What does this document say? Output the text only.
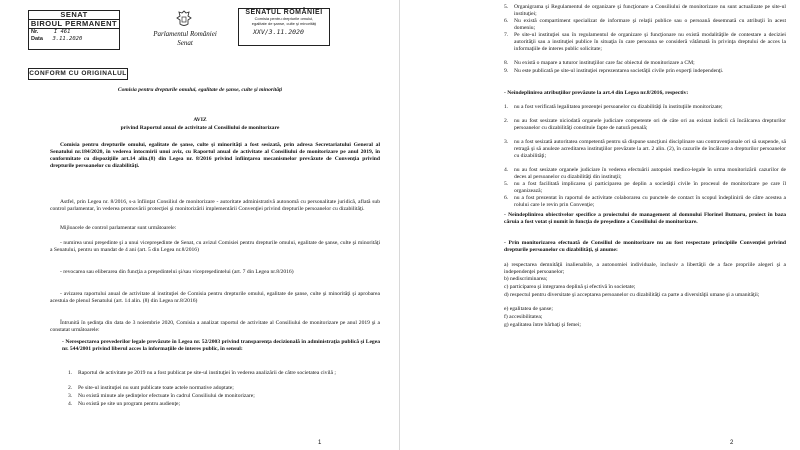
SENAT
BIROUL PERMANENT
Nr.	I 461
Data 3.11.2020
Parlamentul României
Senat
CONFORM CU ORIGINALUL
Comisia pentru drepturile omului, egalitate de şanse, culte şi minorităţi
AVIZ
privind Raportul anual de activitate al Consiliului de monitorizare
Comisia pentru drepturile omului, egalitate de şanse, culte şi minorităţi a fost sesizată, prin adresa Secretariatului General al Senatului nr.184/2020, în vederea întocmirii unui aviz, cu Raportul anual de activitate al Consiliului de monitorizare pe anul 2019, în conformitate cu dispoziţiile art.14 alin.(8) din Legea nr. 8/2016 privind înfiinţarea mecanismelor prevăzute de Convenţia privind drepturile persoanelor cu dizabilităţi.
Astfel, prin Legea nr. 8/2016, s-a înfiinţat Consiliul de monitorizare - autoritate administrativă autonomă cu personalitate juridică, aflată sub control parlamentar, în vederea promovării protecţiei şi monitorizării implementării Convenţiei privind drepturile persoanelor cu dizabilităţi.
Mijloacele de control parlamentar sunt următoarele:
- numirea unui preşedinte şi a unui vicepreşedinte de Senat, cu avizul Comisiei pentru drepturile omului, egalitate de şanse, culte şi minorităţi a Senatului, pentru un mandat de 4 ani (art. 5 din Legea nr.8/2016)
- revocarea sau eliberarea din funcţia a preşedintelui şi/sau vicepreşedintelui (art. 7 din Legea nr.8/2016)
- avizarea raportului anual de activitate al instituţiei de Comisia pentru drepturile omului, egalitate de şanse, culte şi minorităţi şi aprobarea acestuia de plenul Senatului (art. 14 alin. (8) din Legea nr.8/2016)
Întrunită în şedinţa din data de 3 noiembrie 2020, Comisia a analizat raportul de activitate al Consiliului de monitorizare pe anul 2019 şi a constatat următoarele:
- Nerespectarea prevederilor legale prevăzute în Legea nr. 52/2003 privind transparenţa decizională în administraţia publică şi Legea nr. 544/2001 privind liberul acces la informaţiile de interes public, în sensul:
1. Raportul de activitate pe 2019 nu a fost publicat pe site-ul instituţiei în vederea analizării de către societatea civilă ;
2. Pe site-ul instituţiei nu sunt publicate toate actele normative adoptate;
3. Nu există minute ale şedinţelor efectuate în cadrul Consiliului de monitorizare;
4. Nu există pe site un program pentru audienţe;
1
5. Organigrama şi Regulamentul de organizare şi funcţionare a Consiliului de monitorizare nu sunt actualizate pe site-ul instituţiei;
6. Nu există compartiment specializat de informare şi relaţii publice sau o persoană desemnată cu atribuţii în acest domeniu;
7. Pe site-ul instituţiei sau în regulamentul de organizare şi funcţionare nu există modalităţile de contestare a deciziei autorităţii sau a instituţiei publice în situaţia în care persoana se consideră vătămată în privinţa dreptului de acces la informaţiile de interes public solicitate;
8. Nu există o mapare a tuturor instituţiilor care fac obiectul de monitorizare a CM;
9. Nu este publicată pe site-ul instituţiei reprezentarea societăţii civile prin experţi independenţi.
- Neîndeplinirea atribuţiilor prevăzute la art.4 din Legea nr.8/2016, respectiv:
1. nu a fost verificată legalitatea prezenţei persoanelor cu dizabilităţi în instituţiile monitorizate;
2. nu au fost sesizate niciodată organele judiciare competente ori de câte ori au existat indicii că încălcarea drepturilor persoanelor cu dizabilităţi constituie fapte de natură penală;
3. nu a fost sesizată autoritatea competentă pentru să dispune sancţiuni disciplinare sau contravenţionale ori să suspende, să retragă şi să anuleze acreditarea instituţiilor prevăzute la art. 2 alin. (2), în cazurile de încălcare a drepturilor persoanelor cu dizabilităţi;
4. nu au fost sesizate organele judiciare în vederea efectuării autopsiei medico-legale în urma monitorizării cazurilor de deces al persoanelor cu dizabilităţi din instituţii;
5. nu a fost facilitată implicarea şi participarea pe deplin a societăţii civile în procesul de monitorizare pe care îl organizează;
6. nu a fost prezentat în raportul de activitate colaborarea cu punctele de contact în scopul îndeplinirii de către acestea a rolului care le revin prin Convenţie;
- Neîndeplinirea obiectivelor specifice a proiectului de management al domnului Florinel Butnaru, proiect în baza căruia a fost votat şi numit în funcţia de preşedinte a Consiliului de monitorizare.
- Prin monitorizarea efectuată de Consiliul de monitorizare nu au fost respectate principiile Convenţiei privind drepturile persoanelor cu dizabilităţi, şi anume:
a) respectarea demnităţii inalienabile, a autonomiei individuale, inclusiv a libertăţii de a face propriile alegeri şi a independenţei persoanelor;
b) nediscriminarea;
c) participarea şi integrarea deplină şi efectivă în societate;
d) respectul pentru diversitate şi acceptarea persoanelor cu dizabilităţi ca parte a diversităţii umane şi a umanităţii;
e) egalitatea de şanse;
f) accesibilitatea;
g) egalitatea între bărbaţi şi femei;
2
SENATUL ROMÂNIEI
Comisia pentru drepturile omului,
egalitate de şanse, culte şi minorităţi
XXV/3.11.2020
